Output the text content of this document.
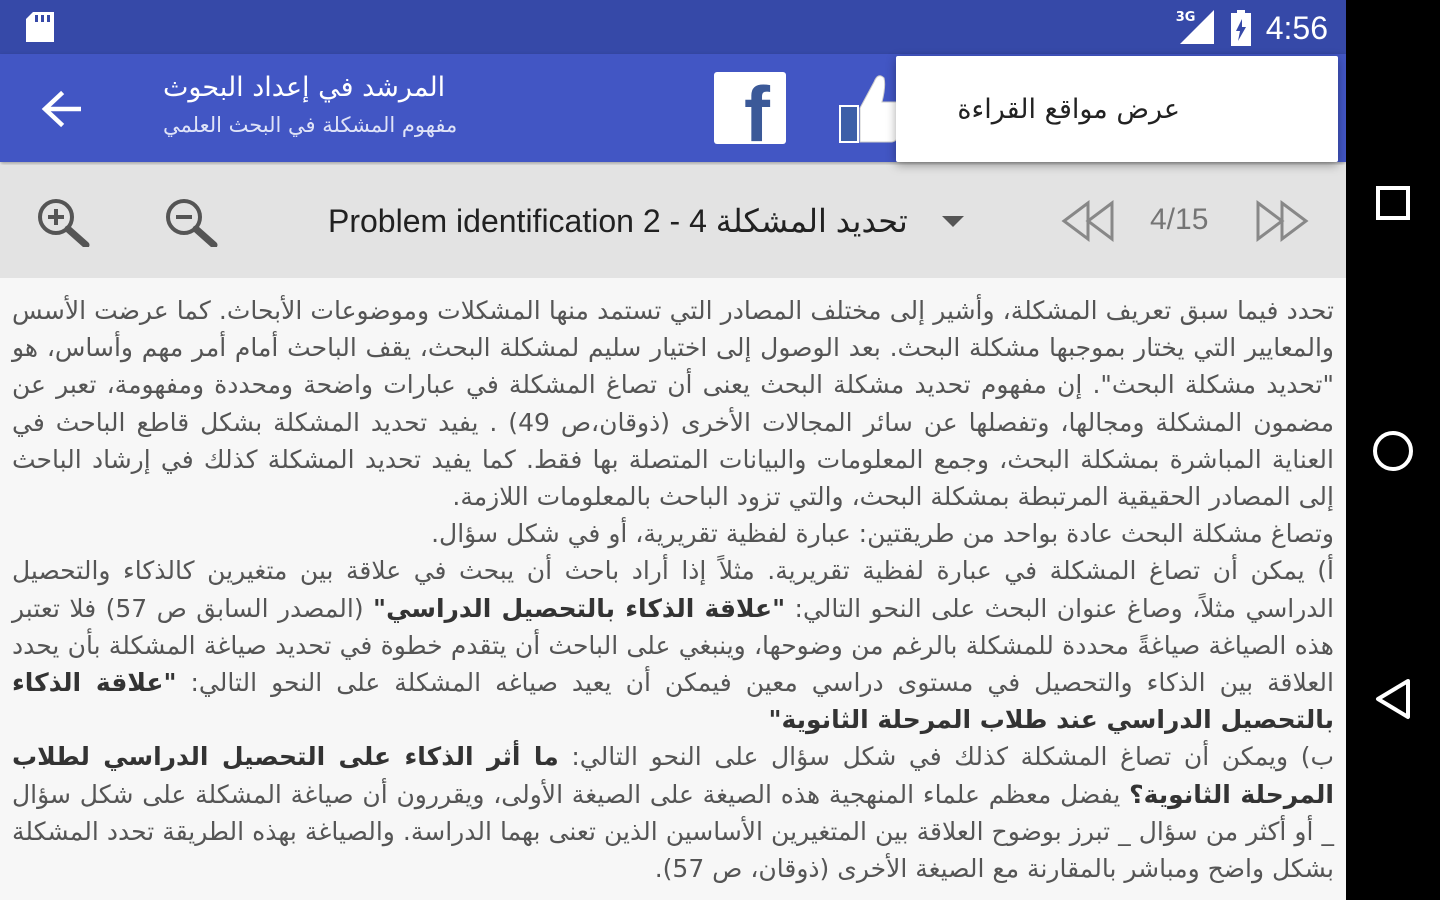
3G 4:56
المرشد في إعداد البحوث
مفهوم المشكلة في البحث العلمي	f
Problem identification 2 - 4 تحديد المشكلة	4/15

تحدد فيما سبق تعريف المشكلة، وأشير إلى مختلف المصادر التي تستمد منها المشكلات وموضوعات الأبحاث. كما عرضت الأسس والمعايير التي يختار بموجبها مشكلة البحث. بعد الوصول إلى اختيار سليم لمشكلة البحث، يقف الباحث أمام أمر مهم وأساس، هو "تحديد مشكلة البحث". إن مفهوم تحديد مشكلة البحث يعنى أن تصاغ المشكلة في عبارات واضحة ومحددة ومفهومة، تعبر عن مضمون المشكلة ومجالها، وتفصلها عن سائر المجالات الأخرى (ذوقان،ص 49) . يفيد تحديد المشكلة بشكل قاطع الباحث في العناية المباشرة بمشكلة البحث، وجمع المعلومات والبيانات المتصلة بها فقط. كما يفيد تحديد المشكلة كذلك في إرشاد الباحث إلى المصادر الحقيقية المرتبطة بمشكلة البحث، والتي تزود الباحث بالمعلومات اللازمة.

وتصاغ مشكلة البحث عادة بواحد من طريقتين: عبارة لفظية تقريرية، أو في شكل سؤال.

أ) يمكن أن تصاغ المشكلة في عبارة لفظية تقريرية. مثلاً إذا أراد باحث أن يبحث في علاقة بين متغيرين كالذكاء والتحصيل الدراسي مثلاً، وصاغ عنوان البحث على النحو التالي: "علاقة الذكاء بالتحصيل الدراسي" (المصدر السابق ص 57) فلا تعتبر هذه الصياغة صياغةً محددة للمشكلة بالرغم من وضوحها، وينبغي على الباحث أن يتقدم خطوة في تحديد صياغة المشكلة بأن يحدد العلاقة بين الذكاء والتحصيل في مستوى دراسي معين فيمكن أن يعيد صياغه المشكلة على النحو التالي: "علاقة الذكاء بالتحصيل الدراسي عند طلاب المرحلة الثانوية"

ب) ويمكن أن تصاغ المشكلة كذلك في شكل سؤال على النحو التالي: ما أثر الذكاء على التحصيل الدراسي لطلاب المرحلة الثانوية؟ يفضل معظم علماء المنهجية هذه الصيغة على الصيغة الأولى، ويقررون أن صياغة المشكلة على شكل سؤال _ أو أكثر من سؤال _ تبرز بوضوح العلاقة بين المتغيرين الأساسين الذين تعنى بهما الدراسة. والصياغة بهذه الطريقة تحدد المشكلة بشكل واضح ومباشر بالمقارنة مع الصيغة الأخرى (ذوقان، ص 57).

عرض مواقع القراءة
